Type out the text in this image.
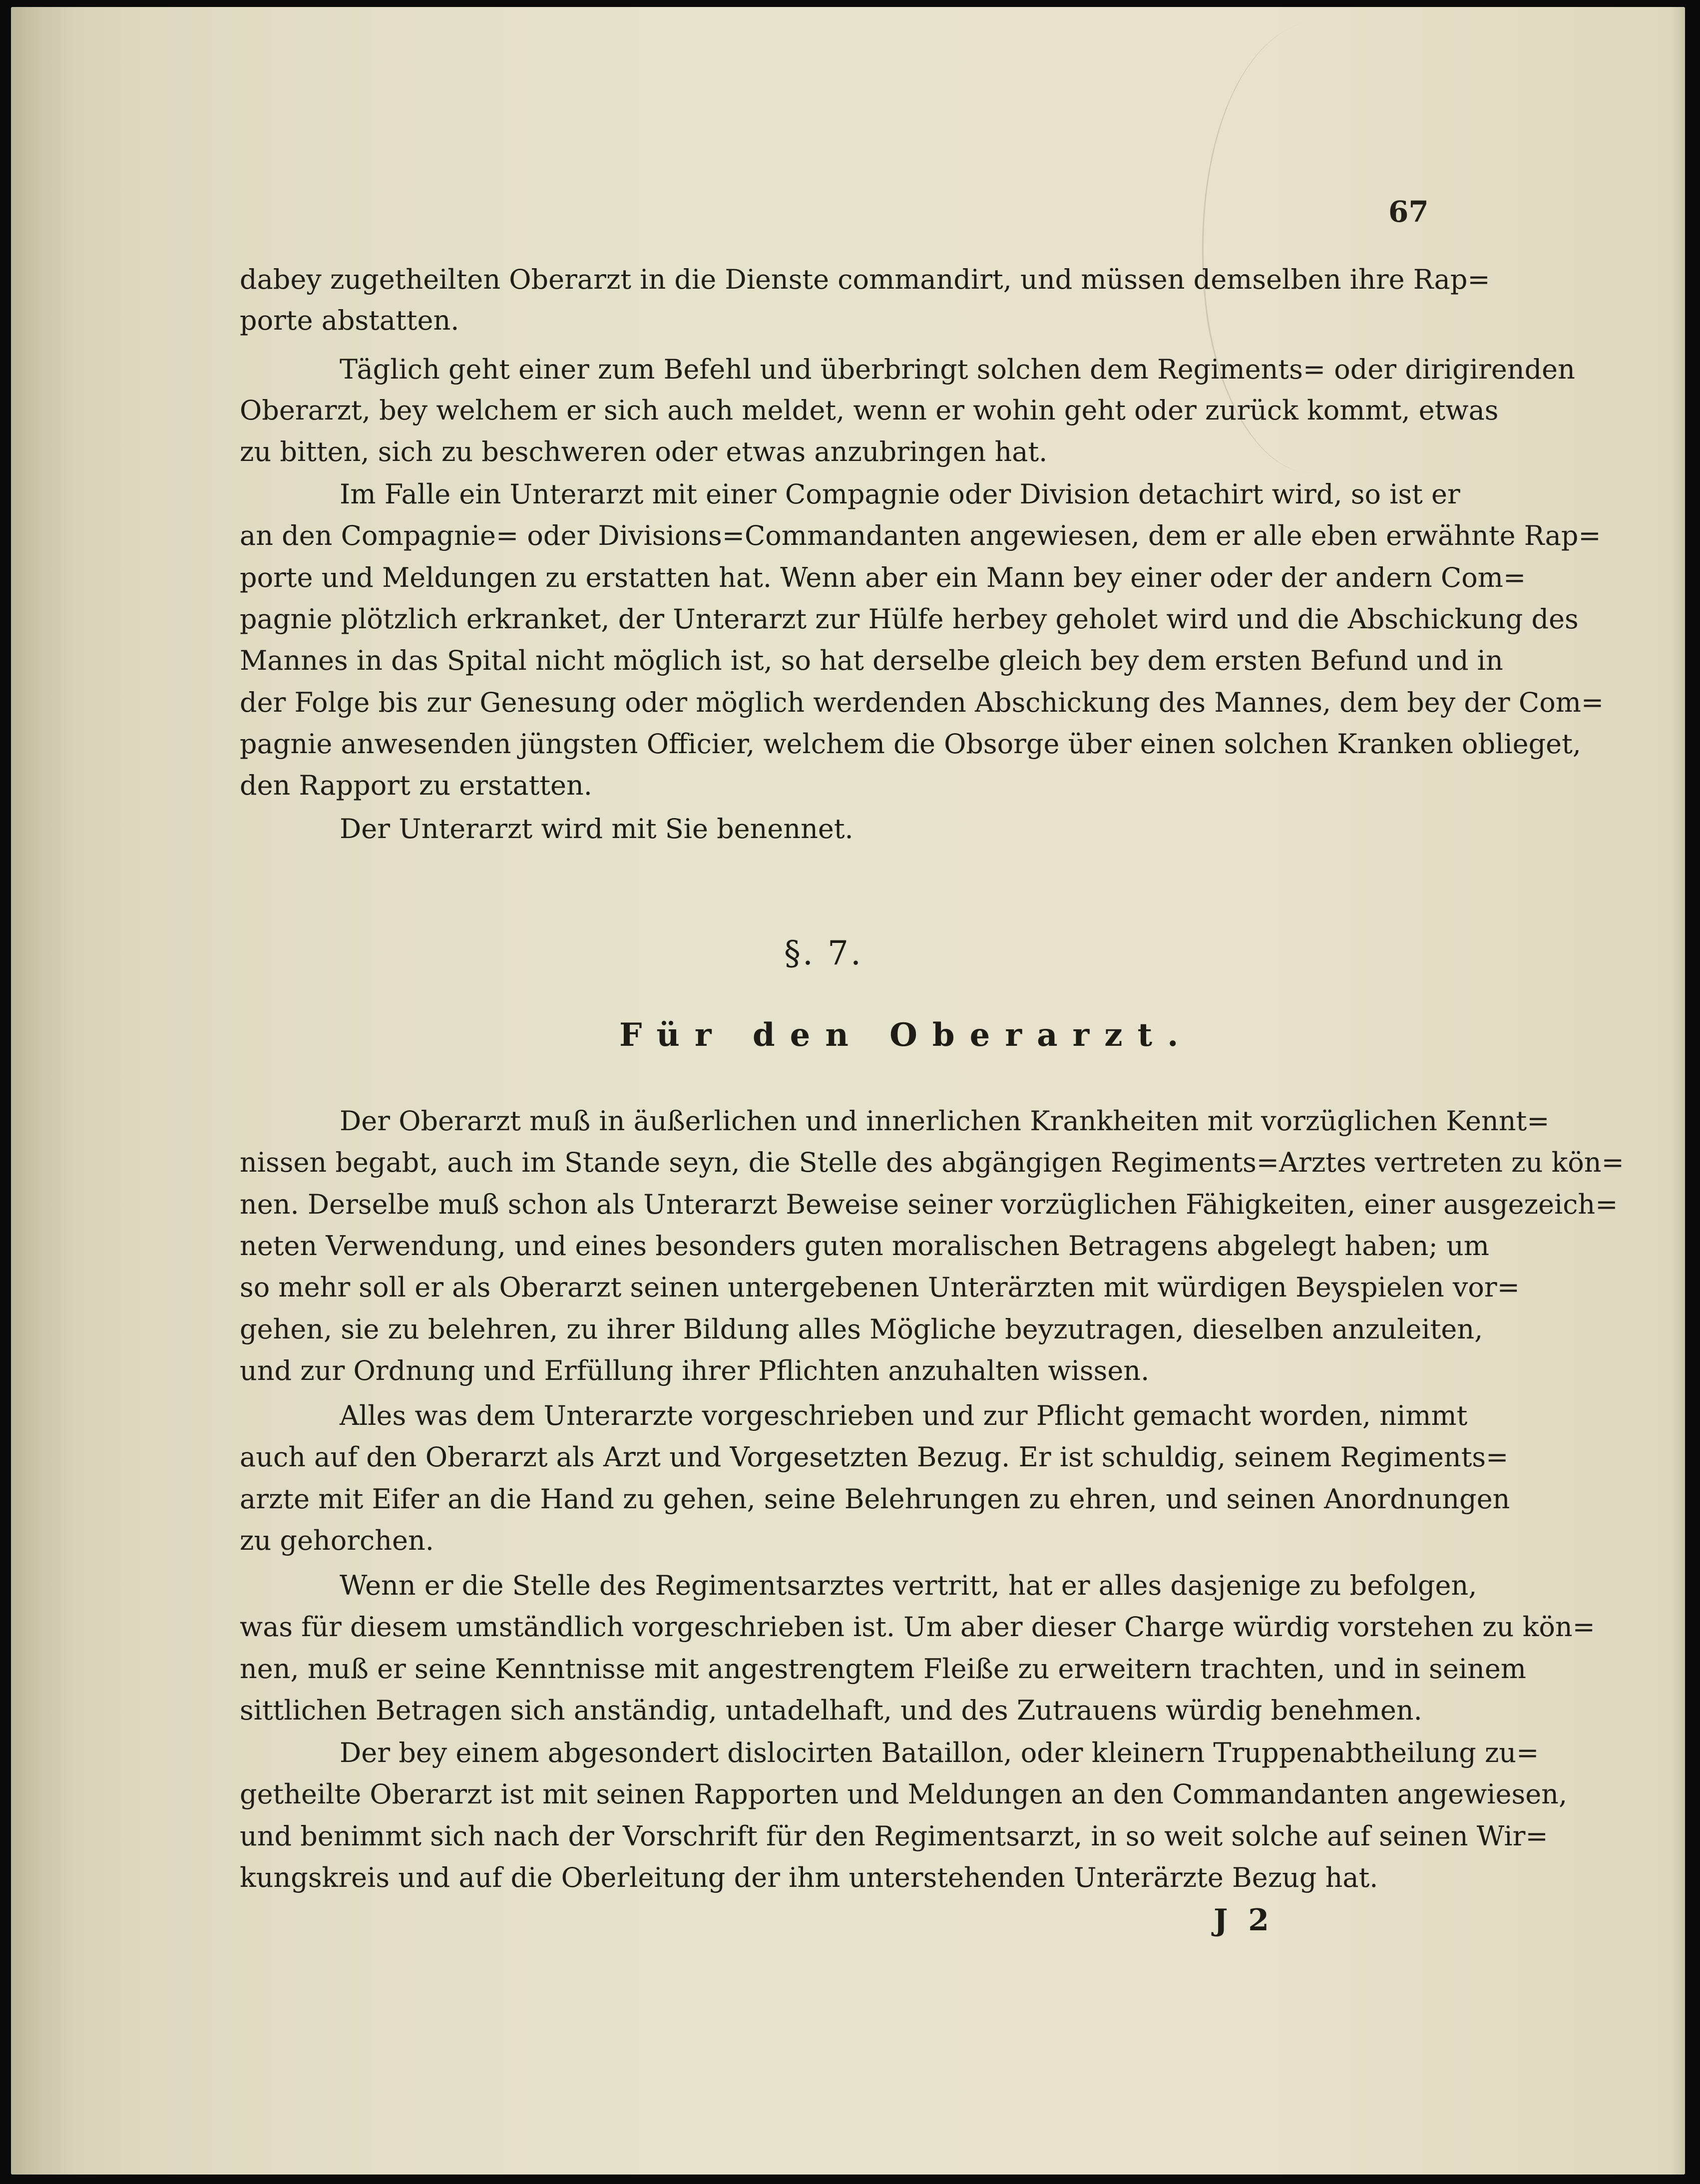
67
dabey zugetheilten Oberarzt in die Dienste commandirt, und müssen demselben ihre Rap=
porte abstatten.
Täglich geht einer zum Befehl und überbringt solchen dem Regiments= oder dirigirenden
Oberarzt, bey welchem er sich auch meldet, wenn er wohin geht oder zurück kommt, etwas
zu bitten, sich zu beschweren oder etwas anzubringen hat.
Im Falle ein Unterarzt mit einer Compagnie oder Division detachirt wird, so ist er
an den Compagnie= oder Divisions=Commandanten angewiesen, dem er alle eben erwähnte Rap=
porte und Meldungen zu erstatten hat. Wenn aber ein Mann bey einer oder der andern Com=
pagnie plötzlich erkranket, der Unterarzt zur Hülfe herbey geholet wird und die Abschickung des
Mannes in das Spital nicht möglich ist, so hat derselbe gleich bey dem ersten Befund und in
der Folge bis zur Genesung oder möglich werdenden Abschickung des Mannes, dem bey der Com=
pagnie anwesenden jüngsten Officier, welchem die Obsorge über einen solchen Kranken oblieget,
den Rapport zu erstatten.
Der Unterarzt wird mit Sie benennet.
§. 7.
Für den Oberarzt.
Der Oberarzt muß in äußerlichen und innerlichen Krankheiten mit vorzüglichen Kennt=
nissen begabt, auch im Stande seyn, die Stelle des abgängigen Regiments=Arztes vertreten zu kön=
nen. Derselbe muß schon als Unterarzt Beweise seiner vorzüglichen Fähigkeiten, einer ausgezeich=
neten Verwendung, und eines besonders guten moralischen Betragens abgelegt haben; um
so mehr soll er als Oberarzt seinen untergebenen Unterärzten mit würdigen Beyspielen vor=
gehen, sie zu belehren, zu ihrer Bildung alles Mögliche beyzutragen, dieselben anzuleiten,
und zur Ordnung und Erfüllung ihrer Pflichten anzuhalten wissen.
Alles was dem Unterarzte vorgeschrieben und zur Pflicht gemacht worden, nimmt
auch auf den Oberarzt als Arzt und Vorgesetzten Bezug. Er ist schuldig, seinem Regiments=
arzte mit Eifer an die Hand zu gehen, seine Belehrungen zu ehren, und seinen Anordnungen
zu gehorchen.
Wenn er die Stelle des Regimentsarztes vertritt, hat er alles dasjenige zu befolgen,
was für diesem umständlich vorgeschrieben ist. Um aber dieser Charge würdig vorstehen zu kön=
nen, muß er seine Kenntnisse mit angestrengtem Fleiße zu erweitern trachten, und in seinem
sittlichen Betragen sich anständig, untadelhaft, und des Zutrauens würdig benehmen.
Der bey einem abgesondert dislocirten Bataillon, oder kleinern Truppenabtheilung zu=
getheilte Oberarzt ist mit seinen Rapporten und Meldungen an den Commandanten angewiesen,
und benimmt sich nach der Vorschrift für den Regimentsarzt, in so weit solche auf seinen Wir=
kungskreis und auf die Oberleitung der ihm unterstehenden Unterärzte Bezug hat.
J 2
